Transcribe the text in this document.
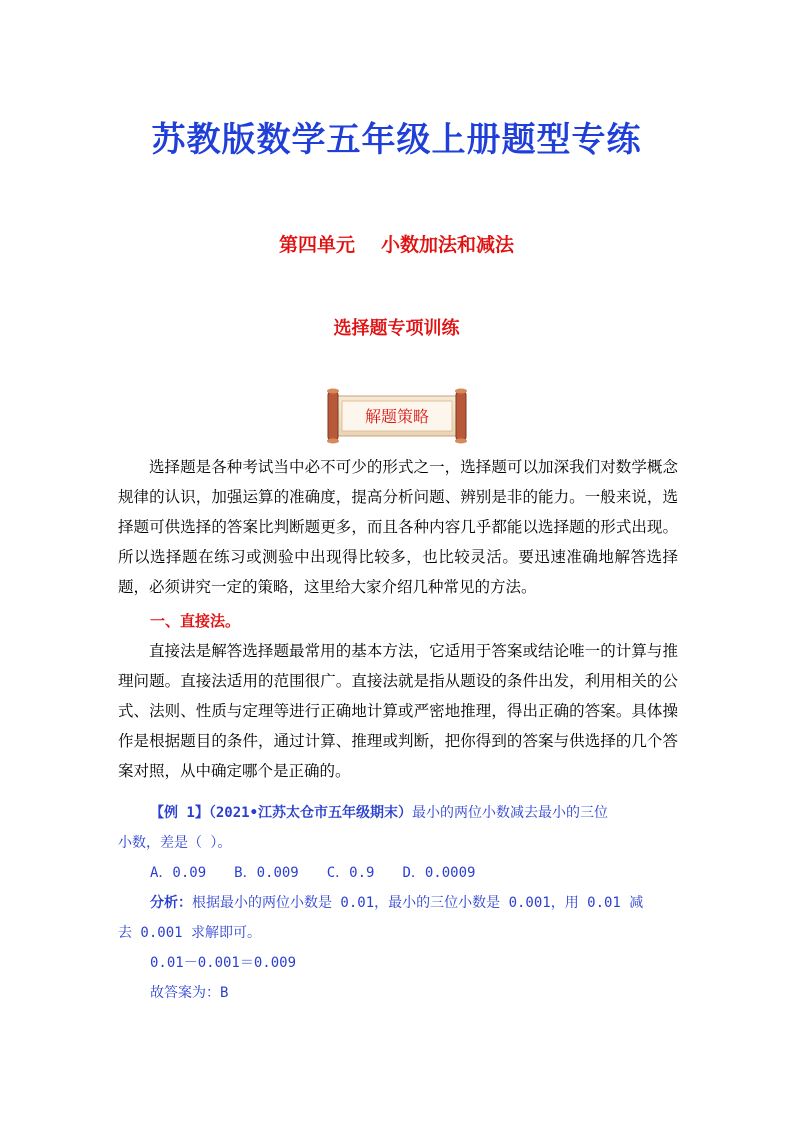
苏教版数学五年级上册题型专练
第四单元 小数加法和减法
选择题专项训练
解题策略

选择题是各种考试当中必不可少的形式之一，选择题可以加深我们对数学概念规律的认识，加强运算的准确度，提高分析问题、辨别是非的能力。一般来说，选择题可供选择的答案比判断题更多，而且各种内容几乎都能以选择题的形式出现。所以选择题在练习或测验中出现得比较多，也比较灵活。要迅速准确地解答选择题，必须讲究一定的策略，这里给大家介绍几种常见的方法。

一、直接法。

直接法是解答选择题最常用的基本方法，它适用于答案或结论唯一的计算与推理问题。直接法适用的范围很广。直接法就是指从题设的条件出发，利用相关的公式、法则、性质与定理等进行正确地计算或严密地推理，得出正确的答案。具体操作是根据题目的条件，通过计算、推理或判断，把你得到的答案与供选择的几个答案对照，从中确定哪个是正确的。

【例 1】（2021•江苏太仓市五年级期末）最小的两位小数减去最小的三位

小数，差是（ ）。

A．0.09 B．0.009 C．0.9 D．0.0009

分析：根据最小的两位小数是 0.01，最小的三位小数是 0.001，用 0.01 减

去 0.001 求解即可。

0.01－0.001＝0.009

故答案为：B
